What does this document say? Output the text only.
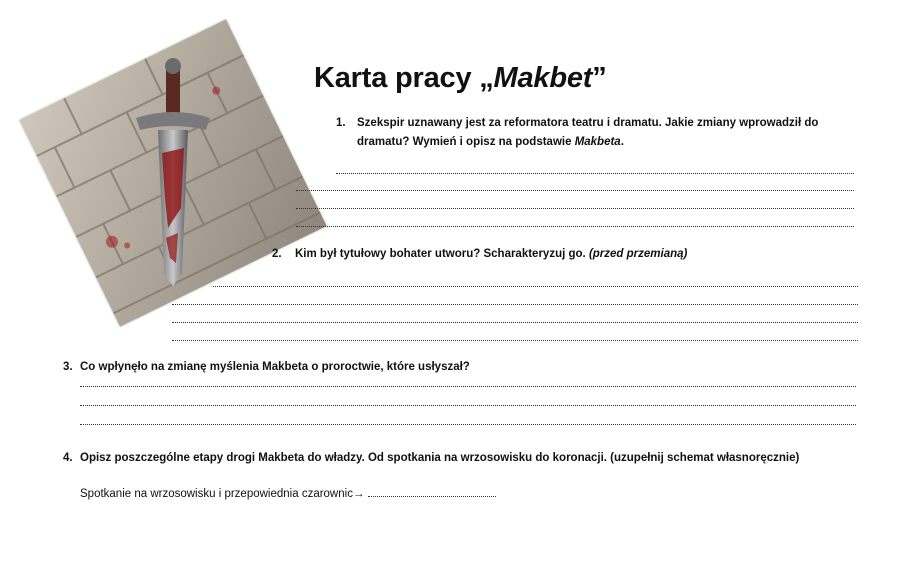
Karta pracy „Makbet”
1. Szekspir uznawany jest za reformatora teatru i dramatu. Jakie zmiany wprowadził do
dramatu? Wymień i opisz na podstawie Makbeta.
2. Kim był tytułowy bohater utworu? Scharakteryzuj go. (przed przemianą)
3. Co wpłynęło na zmianę myślenia Makbeta o proroctwie, które usłyszał?
4. Opisz poszczególne etapy drogi Makbeta do władzy. Od spotkania na wrzosowisku do koronacji. (uzupełnij schemat własnoręcznie)
Spotkanie na wrzosowisku i przepowiednia czarownic→
